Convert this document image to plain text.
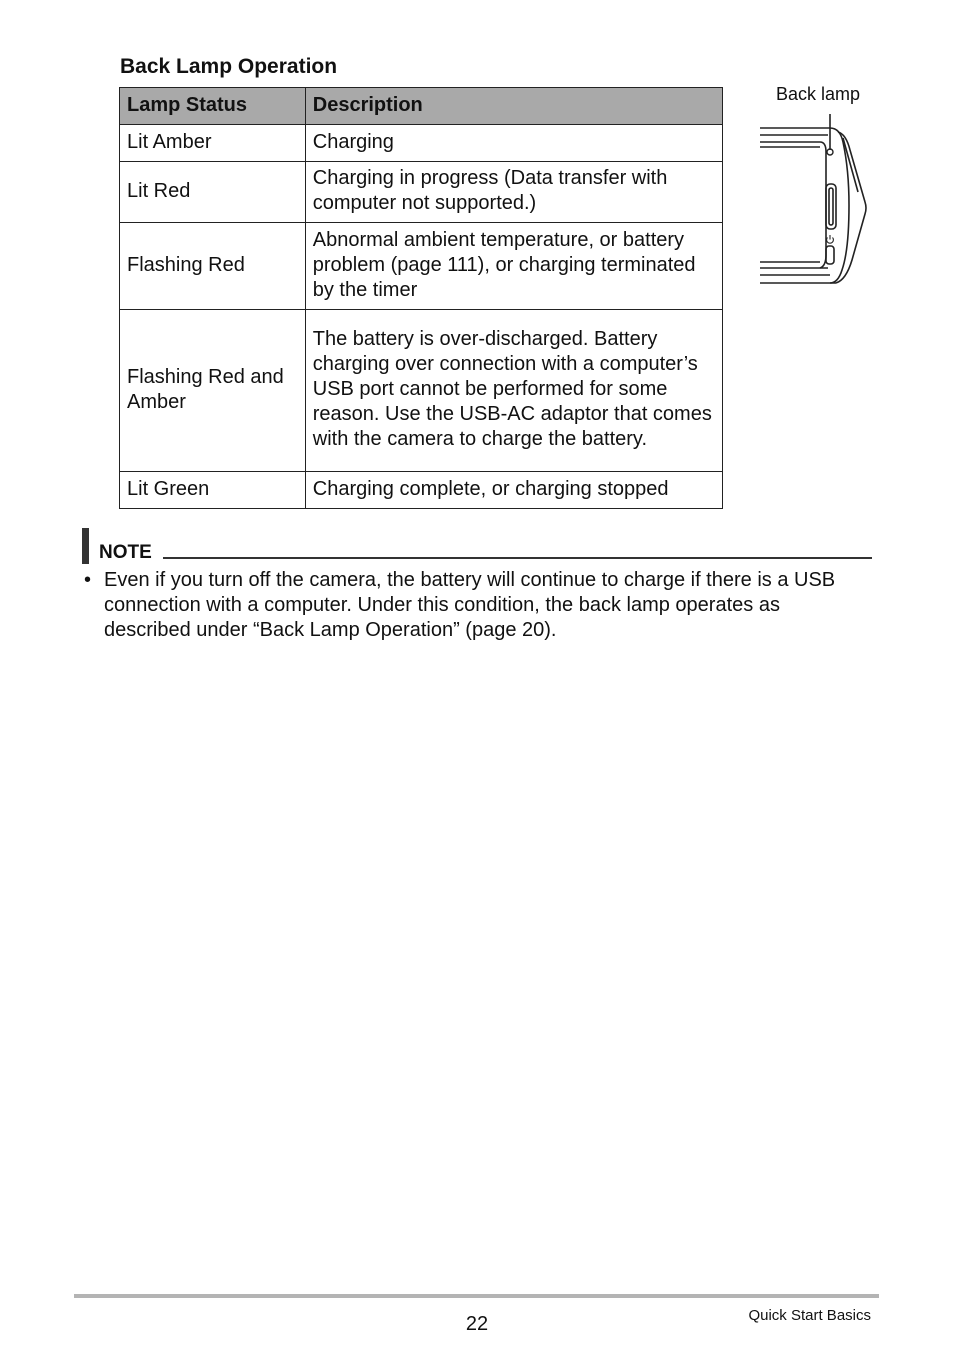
Back Lamp Operation
Lamp Status	Description
Lit Amber	Charging
Lit Red	Charging in progress (Data transfer with computer not supported.)
Flashing Red	Abnormal ambient temperature, or battery problem (page 111), or charging terminated by the timer
Flashing Red and Amber	The battery is over-discharged. Battery charging over connection with a computer’s USB port cannot be performed for some reason. Use the USB-AC adaptor that comes with the camera to charge the battery.
Lit Green	Charging complete, or charging stopped
Back lamp
NOTE
• Even if you turn off the camera, the battery will continue to charge if there is a USB connection with a computer. Under this condition, the back lamp operates as described under “Back Lamp Operation” (page 20).
22	Quick Start Basics
